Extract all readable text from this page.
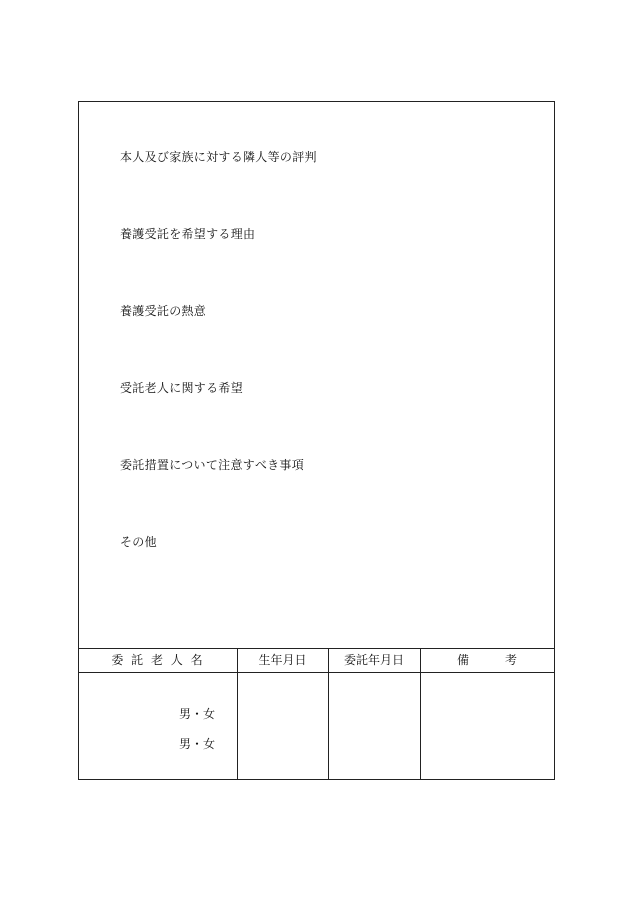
本人及び家族に対する隣人等の評判
養護受託を希望する理由
養護受託の熱意
受託老人に関する希望
委託措置について注意すべき事項
その他
委 託 老 人 名	生年月日	委託年月日	備　　　考
男・女
男・女
